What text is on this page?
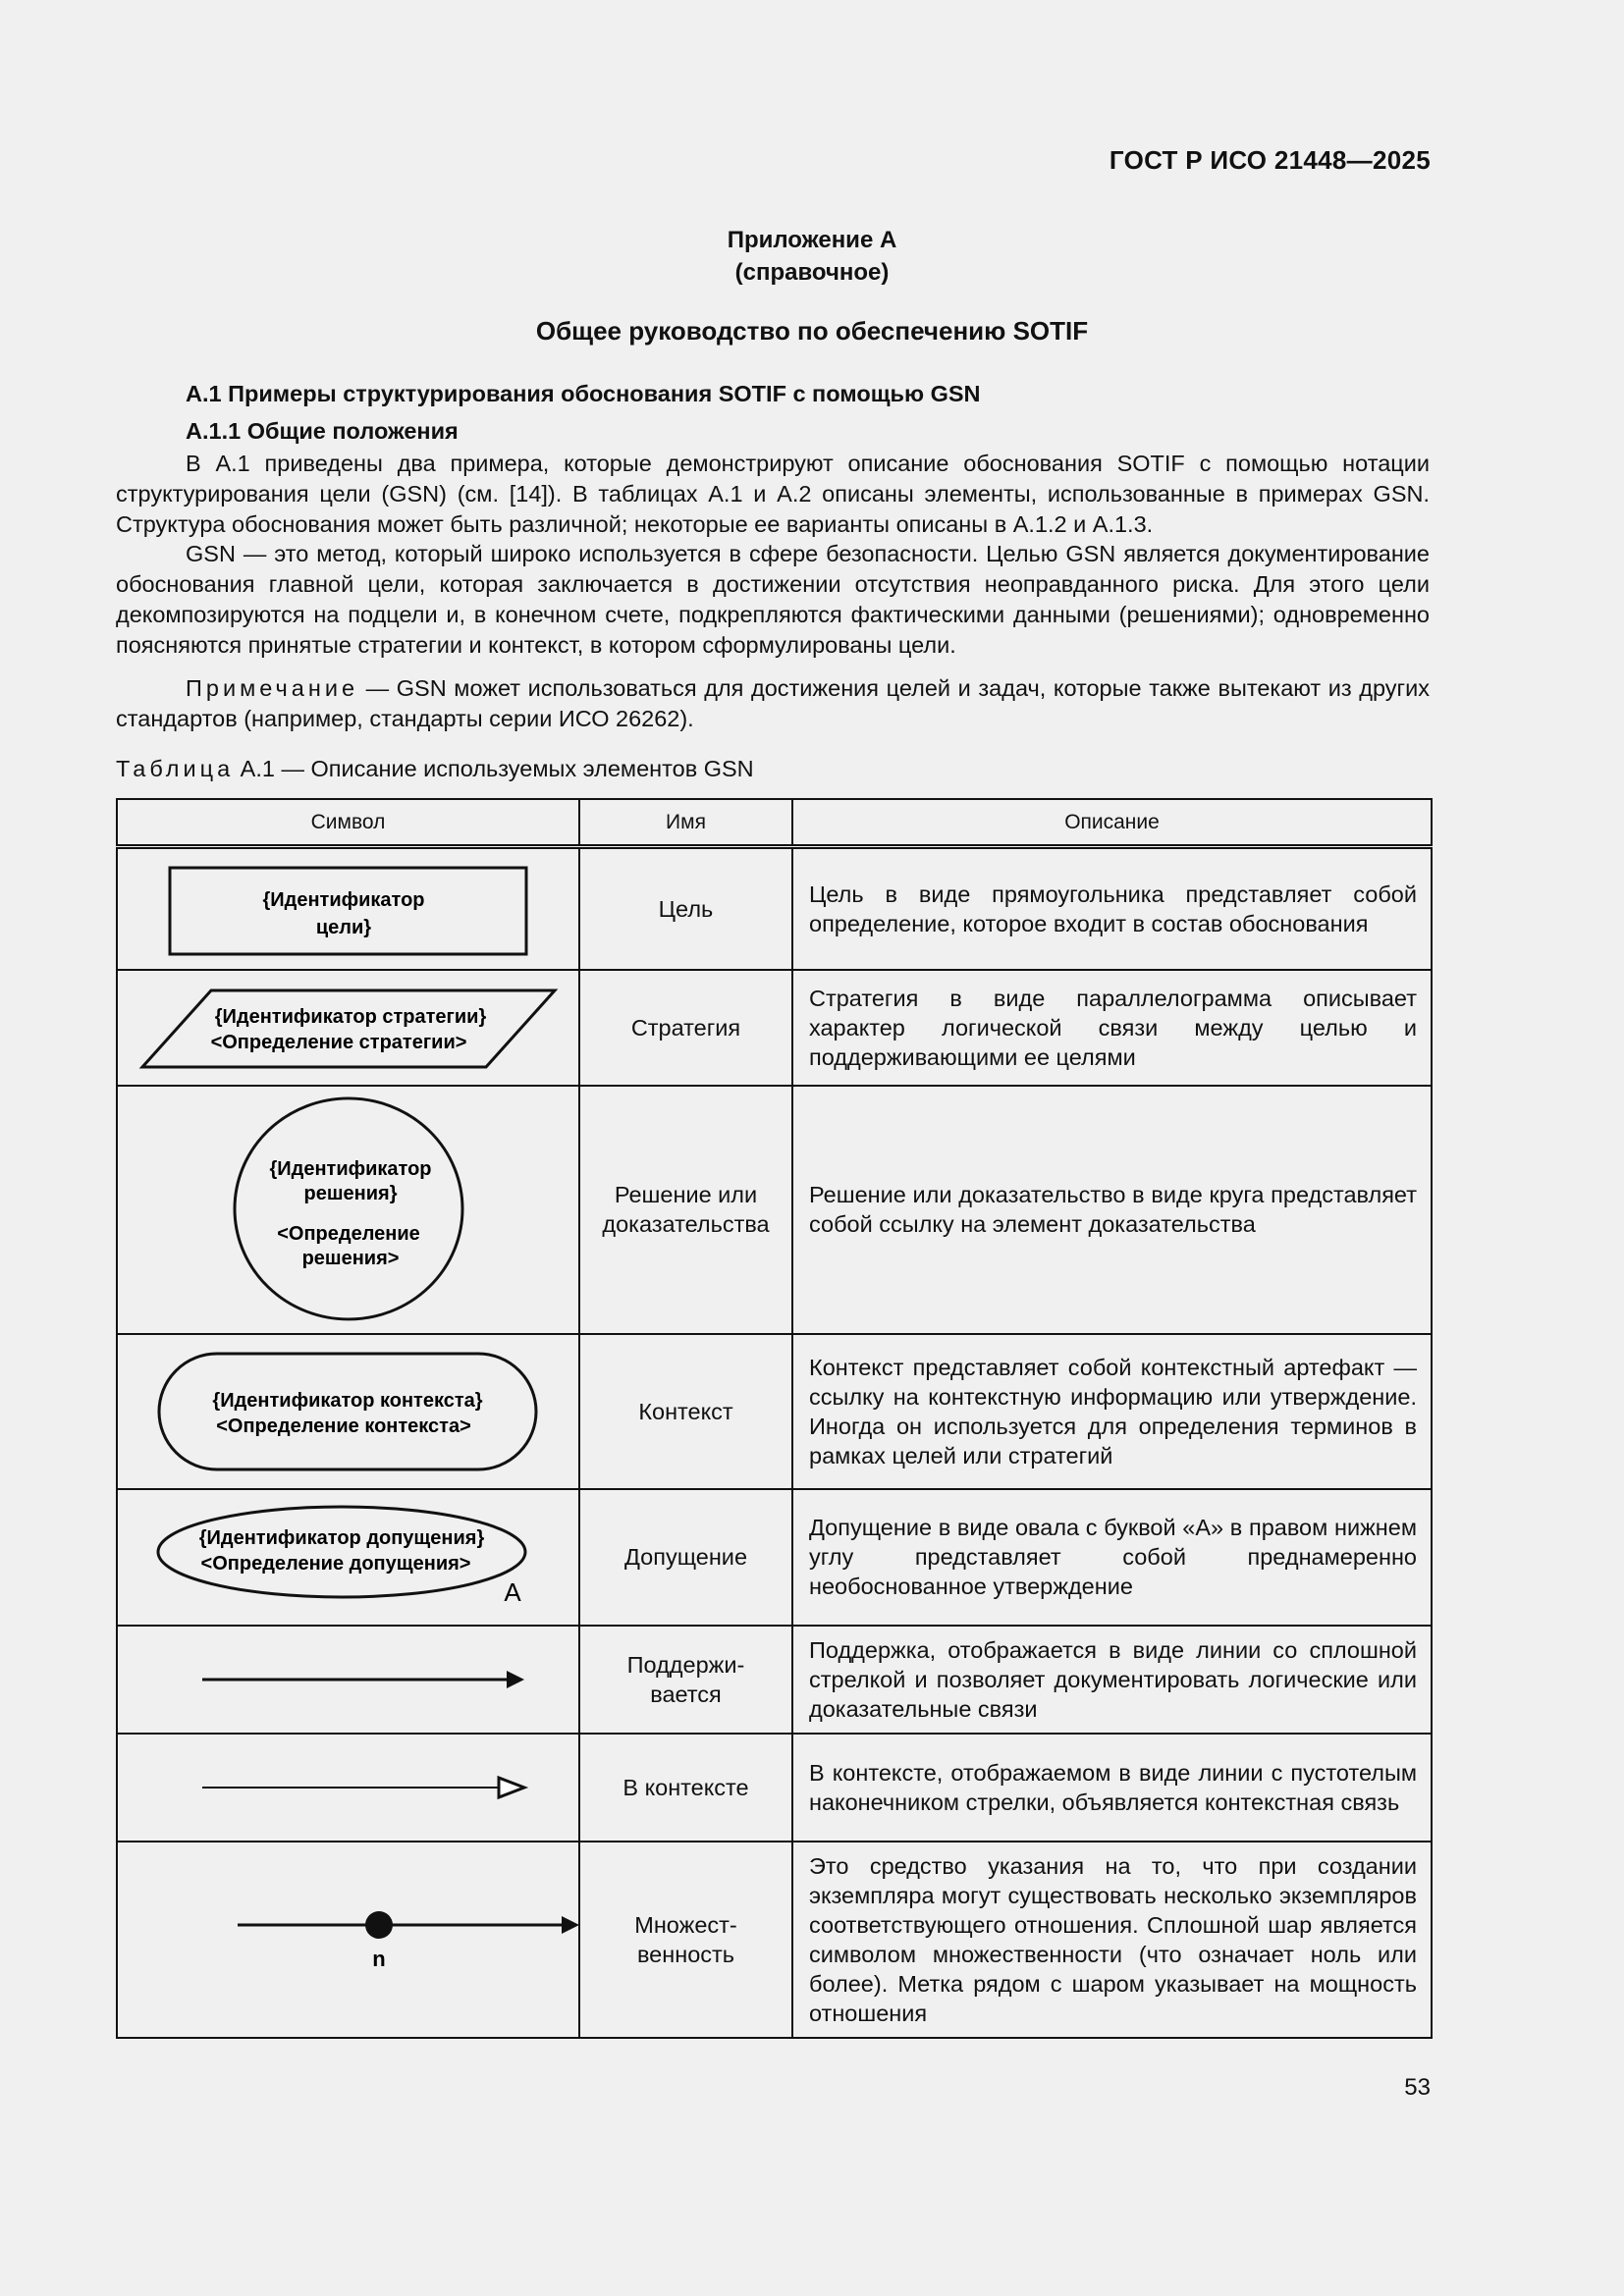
ГОСТ Р ИСО 21448—2025
Приложение А
(справочное)
Общее руководство по обеспечению SOTIF
А.1 Примеры структурирования обоснования SOTIF с помощью GSN
А.1.1 Общие положения

В А.1 приведены два примера, которые демонстрируют описание обоснования SOTIF с помощью нотации структурирования цели (GSN) (см. [14]). В таблицах А.1 и А.2 описаны элементы, использованные в примерах GSN. Структура обоснования может быть различной; некоторые ее варианты описаны в А.1.2 и А.1.3.

GSN — это метод, который широко используется в сфере безопасности. Целью GSN является документирование обоснования главной цели, которая заключается в достижении отсутствия неоправданного риска. Для этого цели декомпозируются на подцели и, в конечном счете, подкрепляются фактическими данными (решениями); одновременно поясняются принятые стратегии и контекст, в котором сформулированы цели.

Примечание — GSN может использоваться для достижения целей и задач, которые также вытекают из других стандартов (например, стандарты серии ИСО 26262).

Таблица А.1 — Описание используемых элементов GSN
Символ	Имя	Описание

{Идентификатор
цели}	Цель	Цель в виде прямоугольника представляет собой определение, которое входит в состав обоснования

{Идентификатор стратегии}
<Определение стратегии>	Стратегия	Стратегия в виде параллелограмма описывает характер логической связи между целью и поддерживающими ее целями

{Идентификатор
решения}
<Определение
решения>	Решение или доказательства	Решение или доказательство в виде круга представляет собой ссылку на элемент доказательства

{Идентификатор контекста}
<Определение контекста>	Контекст	Контекст представляет собой контекстный артефакт — ссылку на контекстную информацию или утверждение. Иногда он используется для определения терминов в рамках целей или стратегий

{Идентификатор допущения}
<Определение допущения>
A	Допущение	Допущение в виде овала с буквой «А» в правом нижнем углу представляет собой преднамеренно необоснованное утверждение

	Поддержи-
вается	Поддержка, отображается в виде линии со сплошной стрелкой и позволяет документировать логические или доказательные связи

	В контексте	В контексте, отображаемом в виде линии с пустотелым наконечником стрелки, объявляется контекстная связь

n	Множест-
венность	Это средство указания на то, что при создании экземпляра могут существовать несколько экземпляров соответствующего отношения. Сплошной шар является символом множественности (что означает ноль или более). Метка рядом с шаром указывает на мощность отношения
53
